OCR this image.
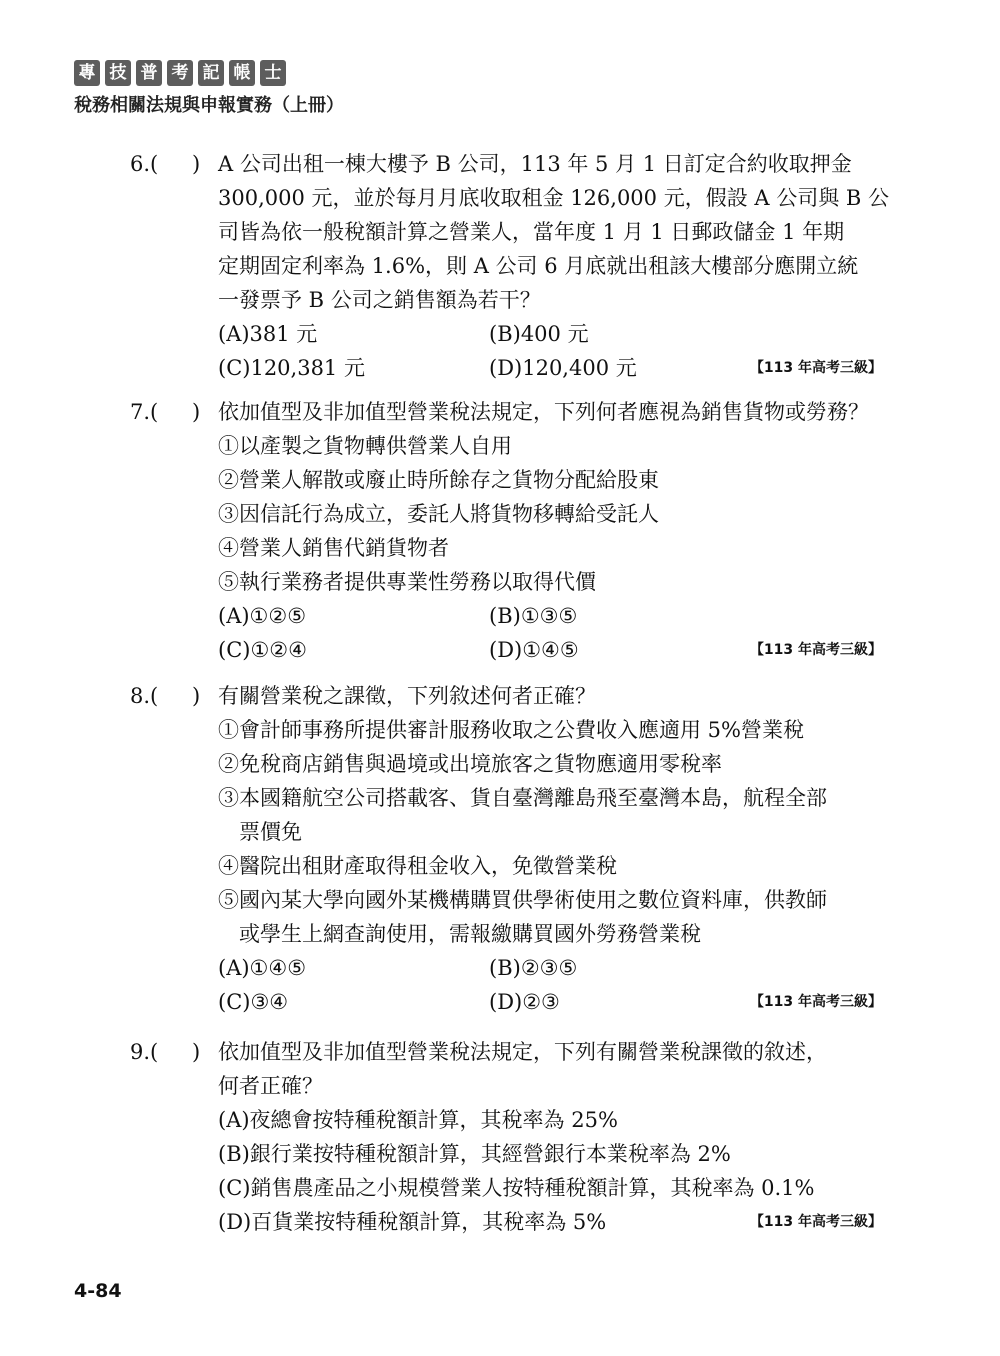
專 技 普 考 記 帳 士
稅務相關法規與申報實務（上冊）
6.( ) A 公司出租一棟大樓予 B 公司，113 年 5 月 1 日訂定合約收取押金
300,000 元，並於每月月底收取租金 126,000 元，假設 A 公司與 B 公
司皆為依一般稅額計算之營業人，當年度 1 月 1 日郵政儲金 1 年期
定期固定利率為 1.6%，則 A 公司 6 月底就出租該大樓部分應開立統
一發票予 B 公司之銷售額為若干？
(A)381 元	(B)400 元
(C)120,381 元	(D)120,400 元	【113 年高考三級】
7.( ) 依加值型及非加值型營業稅法規定，下列何者應視為銷售貨物或勞務？
①以產製之貨物轉供營業人自用
②營業人解散或廢止時所餘存之貨物分配給股東
③因信託行為成立，委託人將貨物移轉給受託人
④營業人銷售代銷貨物者
⑤執行業務者提供專業性勞務以取得代價
(A)①②⑤	(B)①③⑤
(C)①②④	(D)①④⑤	【113 年高考三級】
8.( ) 有關營業稅之課徵，下列敘述何者正確？
①會計師事務所提供審計服務收取之公費收入應適用 5%營業稅
②免稅商店銷售與過境或出境旅客之貨物應適用零稅率
③本國籍航空公司搭載客、貨自臺灣離島飛至臺灣本島，航程全部
　票價免
④醫院出租財產取得租金收入，免徵營業稅
⑤國內某大學向國外某機構購買供學術使用之數位資料庫，供教師
　或學生上網查詢使用，需報繳購買國外勞務營業稅
(A)①④⑤	(B)②③⑤
(C)③④	(D)②③	【113 年高考三級】
9.( ) 依加值型及非加值型營業稅法規定，下列有關營業稅課徵的敘述，
何者正確？
(A)夜總會按特種稅額計算，其稅率為 25%
(B)銀行業按特種稅額計算，其經營銀行本業稅率為 2%
(C)銷售農產品之小規模營業人按特種稅額計算，其稅率為 0.1%
(D)百貨業按特種稅額計算，其稅率為 5%	【113 年高考三級】
4-84
